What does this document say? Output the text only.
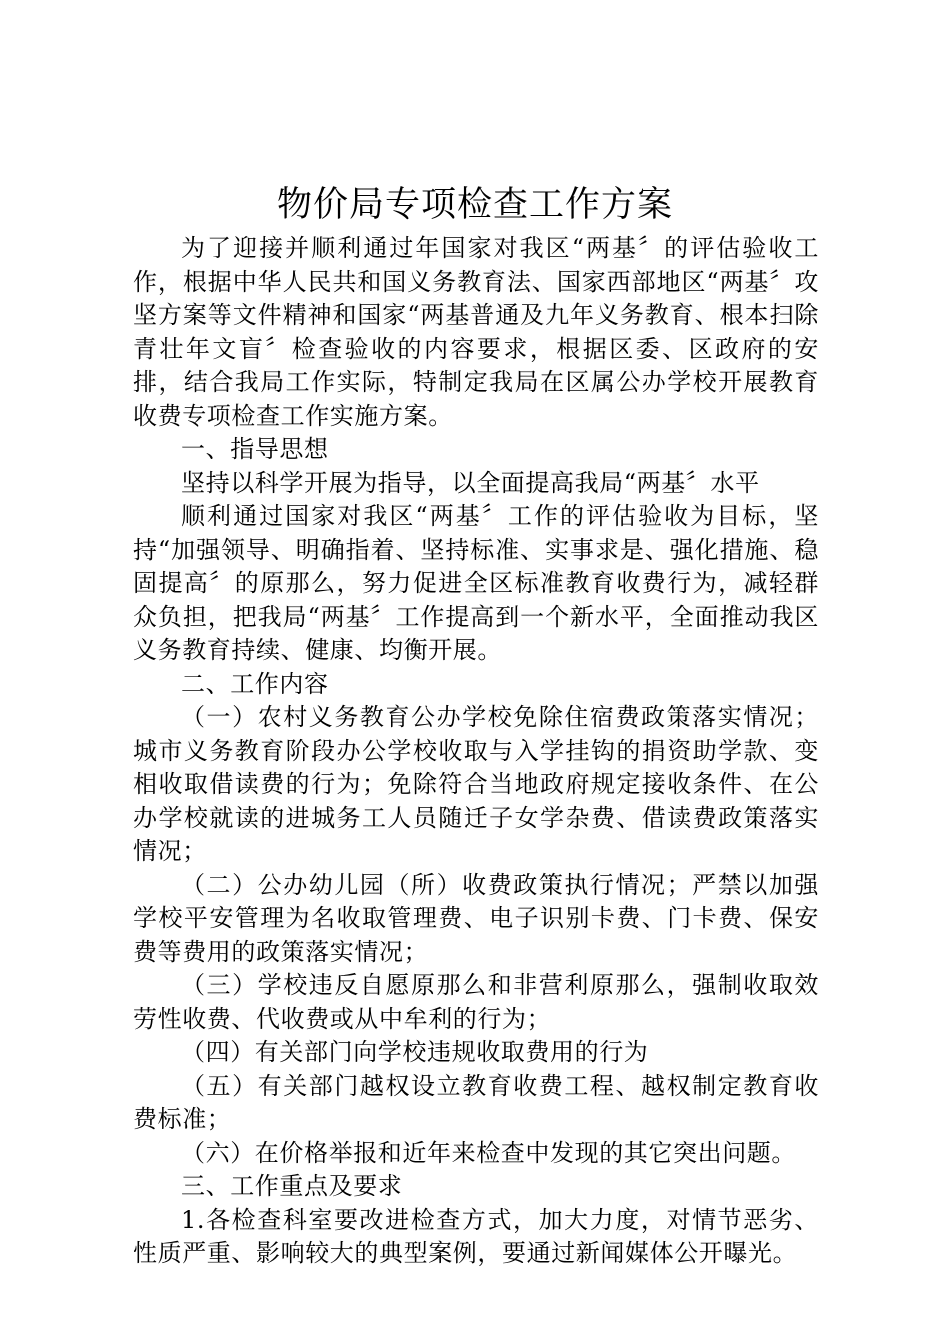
物价局专项检查工作方案

为了迎接并顺利通过年国家对我区“两基〞的评估验收工作，根据中华人民共和国义务教育法、国家西部地区“两基〞攻坚方案等文件精神和国家“两基普通及九年义务教育、根本扫除青壮年文盲〞检查验收的内容要求，根据区委、区政府的安排，结合我局工作实际，特制定我局在区属公办学校开展教育收费专项检查工作实施方案。

一、指导思想

坚持以科学开展为指导，以全面提高我局“两基〞水平

顺利通过国家对我区“两基〞工作的评估验收为目标，坚持“加强领导、明确指着、坚持标准、实事求是、强化措施、稳固提高〞的原那么，努力促进全区标准教育收费行为，减轻群众负担，把我局“两基〞工作提高到一个新水平，全面推动我区义务教育持续、健康、均衡开展。

二、工作内容

（一）农村义务教育公办学校免除住宿费政策落实情况；城市义务教育阶段办公学校收取与入学挂钩的捐资助学款、变相收取借读费的行为；免除符合当地政府规定接收条件、在公办学校就读的进城务工人员随迁子女学杂费、借读费政策落实情况；

（二）公办幼儿园（所）收费政策执行情况；严禁以加强学校平安管理为名收取管理费、电子识别卡费、门卡费、保安费等费用的政策落实情况；

（三）学校违反自愿原那么和非营利原那么，强制收取效劳性收费、代收费或从中牟利的行为；

（四）有关部门向学校违规收取费用的行为

（五）有关部门越权设立教育收费工程、越权制定教育收费标准；

（六）在价格举报和近年来检查中发现的其它突出问题。

三、工作重点及要求

1.各检查科室要改进检查方式，加大力度，对情节恶劣、性质严重、影响较大的典型案例，要通过新闻媒体公开曝光。
